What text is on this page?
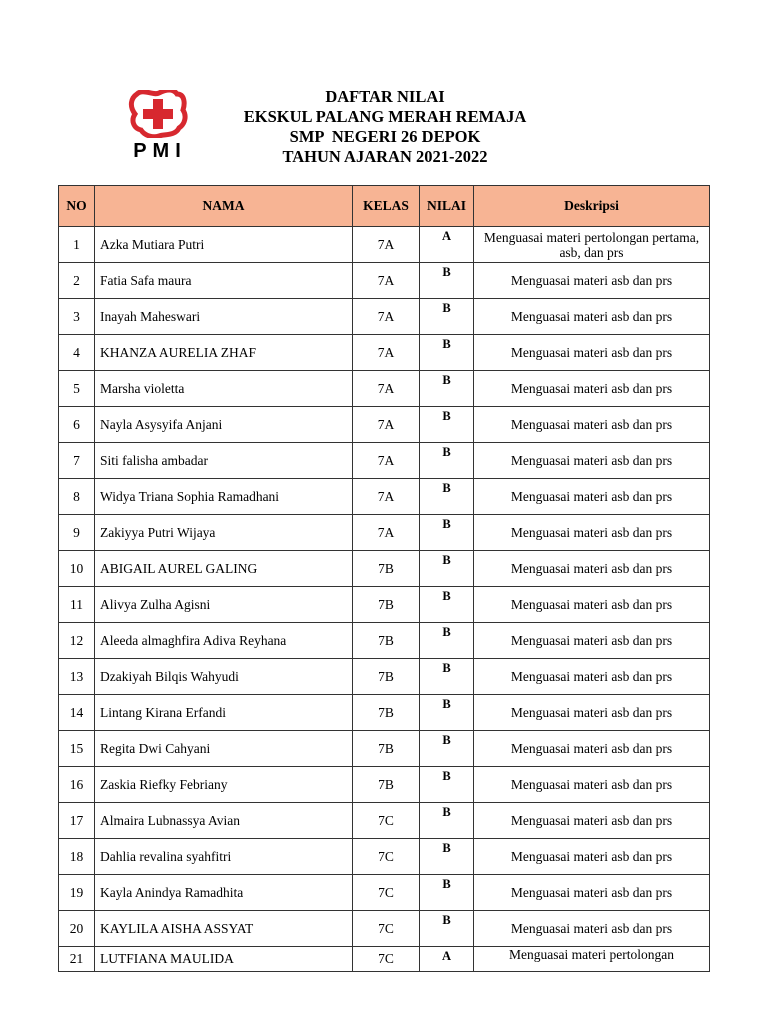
PMI
DAFTAR NILAI
EKSKUL PALANG MERAH REMAJA
SMP  NEGERI 26 DEPOK
TAHUN AJARAN 2021-2022
NO	NAMA	KELAS	NILAI	Deskripsi
1	Azka Mutiara Putri	7A	A	Menguasai materi pertolongan pertama, asb, dan prs
2	Fatia Safa maura	7A	B	Menguasai materi asb dan prs
3	Inayah Maheswari	7A	B	Menguasai materi asb dan prs
4	KHANZA AURELIA ZHAF	7A	B	Menguasai materi asb dan prs
5	Marsha violetta	7A	B	Menguasai materi asb dan prs
6	Nayla Asysyifa Anjani	7A	B	Menguasai materi asb dan prs
7	Siti falisha ambadar	7A	B	Menguasai materi asb dan prs
8	Widya Triana Sophia Ramadhani	7A	B	Menguasai materi asb dan prs
9	Zakiyya Putri Wijaya	7A	B	Menguasai materi asb dan prs
10	ABIGAIL AUREL GALING	7B	B	Menguasai materi asb dan prs
11	Alivya Zulha Agisni	7B	B	Menguasai materi asb dan prs
12	Aleeda almaghfira Adiva Reyhana	7B	B	Menguasai materi asb dan prs
13	Dzakiyah Bilqis Wahyudi	7B	B	Menguasai materi asb dan prs
14	Lintang Kirana Erfandi	7B	B	Menguasai materi asb dan prs
15	Regita Dwi Cahyani	7B	B	Menguasai materi asb dan prs
16	Zaskia Riefky Febriany	7B	B	Menguasai materi asb dan prs
17	Almaira Lubnassya Avian	7C	B	Menguasai materi asb dan prs
18	Dahlia revalina syahfitri	7C	B	Menguasai materi asb dan prs
19	Kayla Anindya Ramadhita	7C	B	Menguasai materi asb dan prs
20	KAYLILA AISHA ASSYAT	7C	B	Menguasai materi asb dan prs
21	LUTFIANA MAULIDA	7C	A	Menguasai materi pertolongan
